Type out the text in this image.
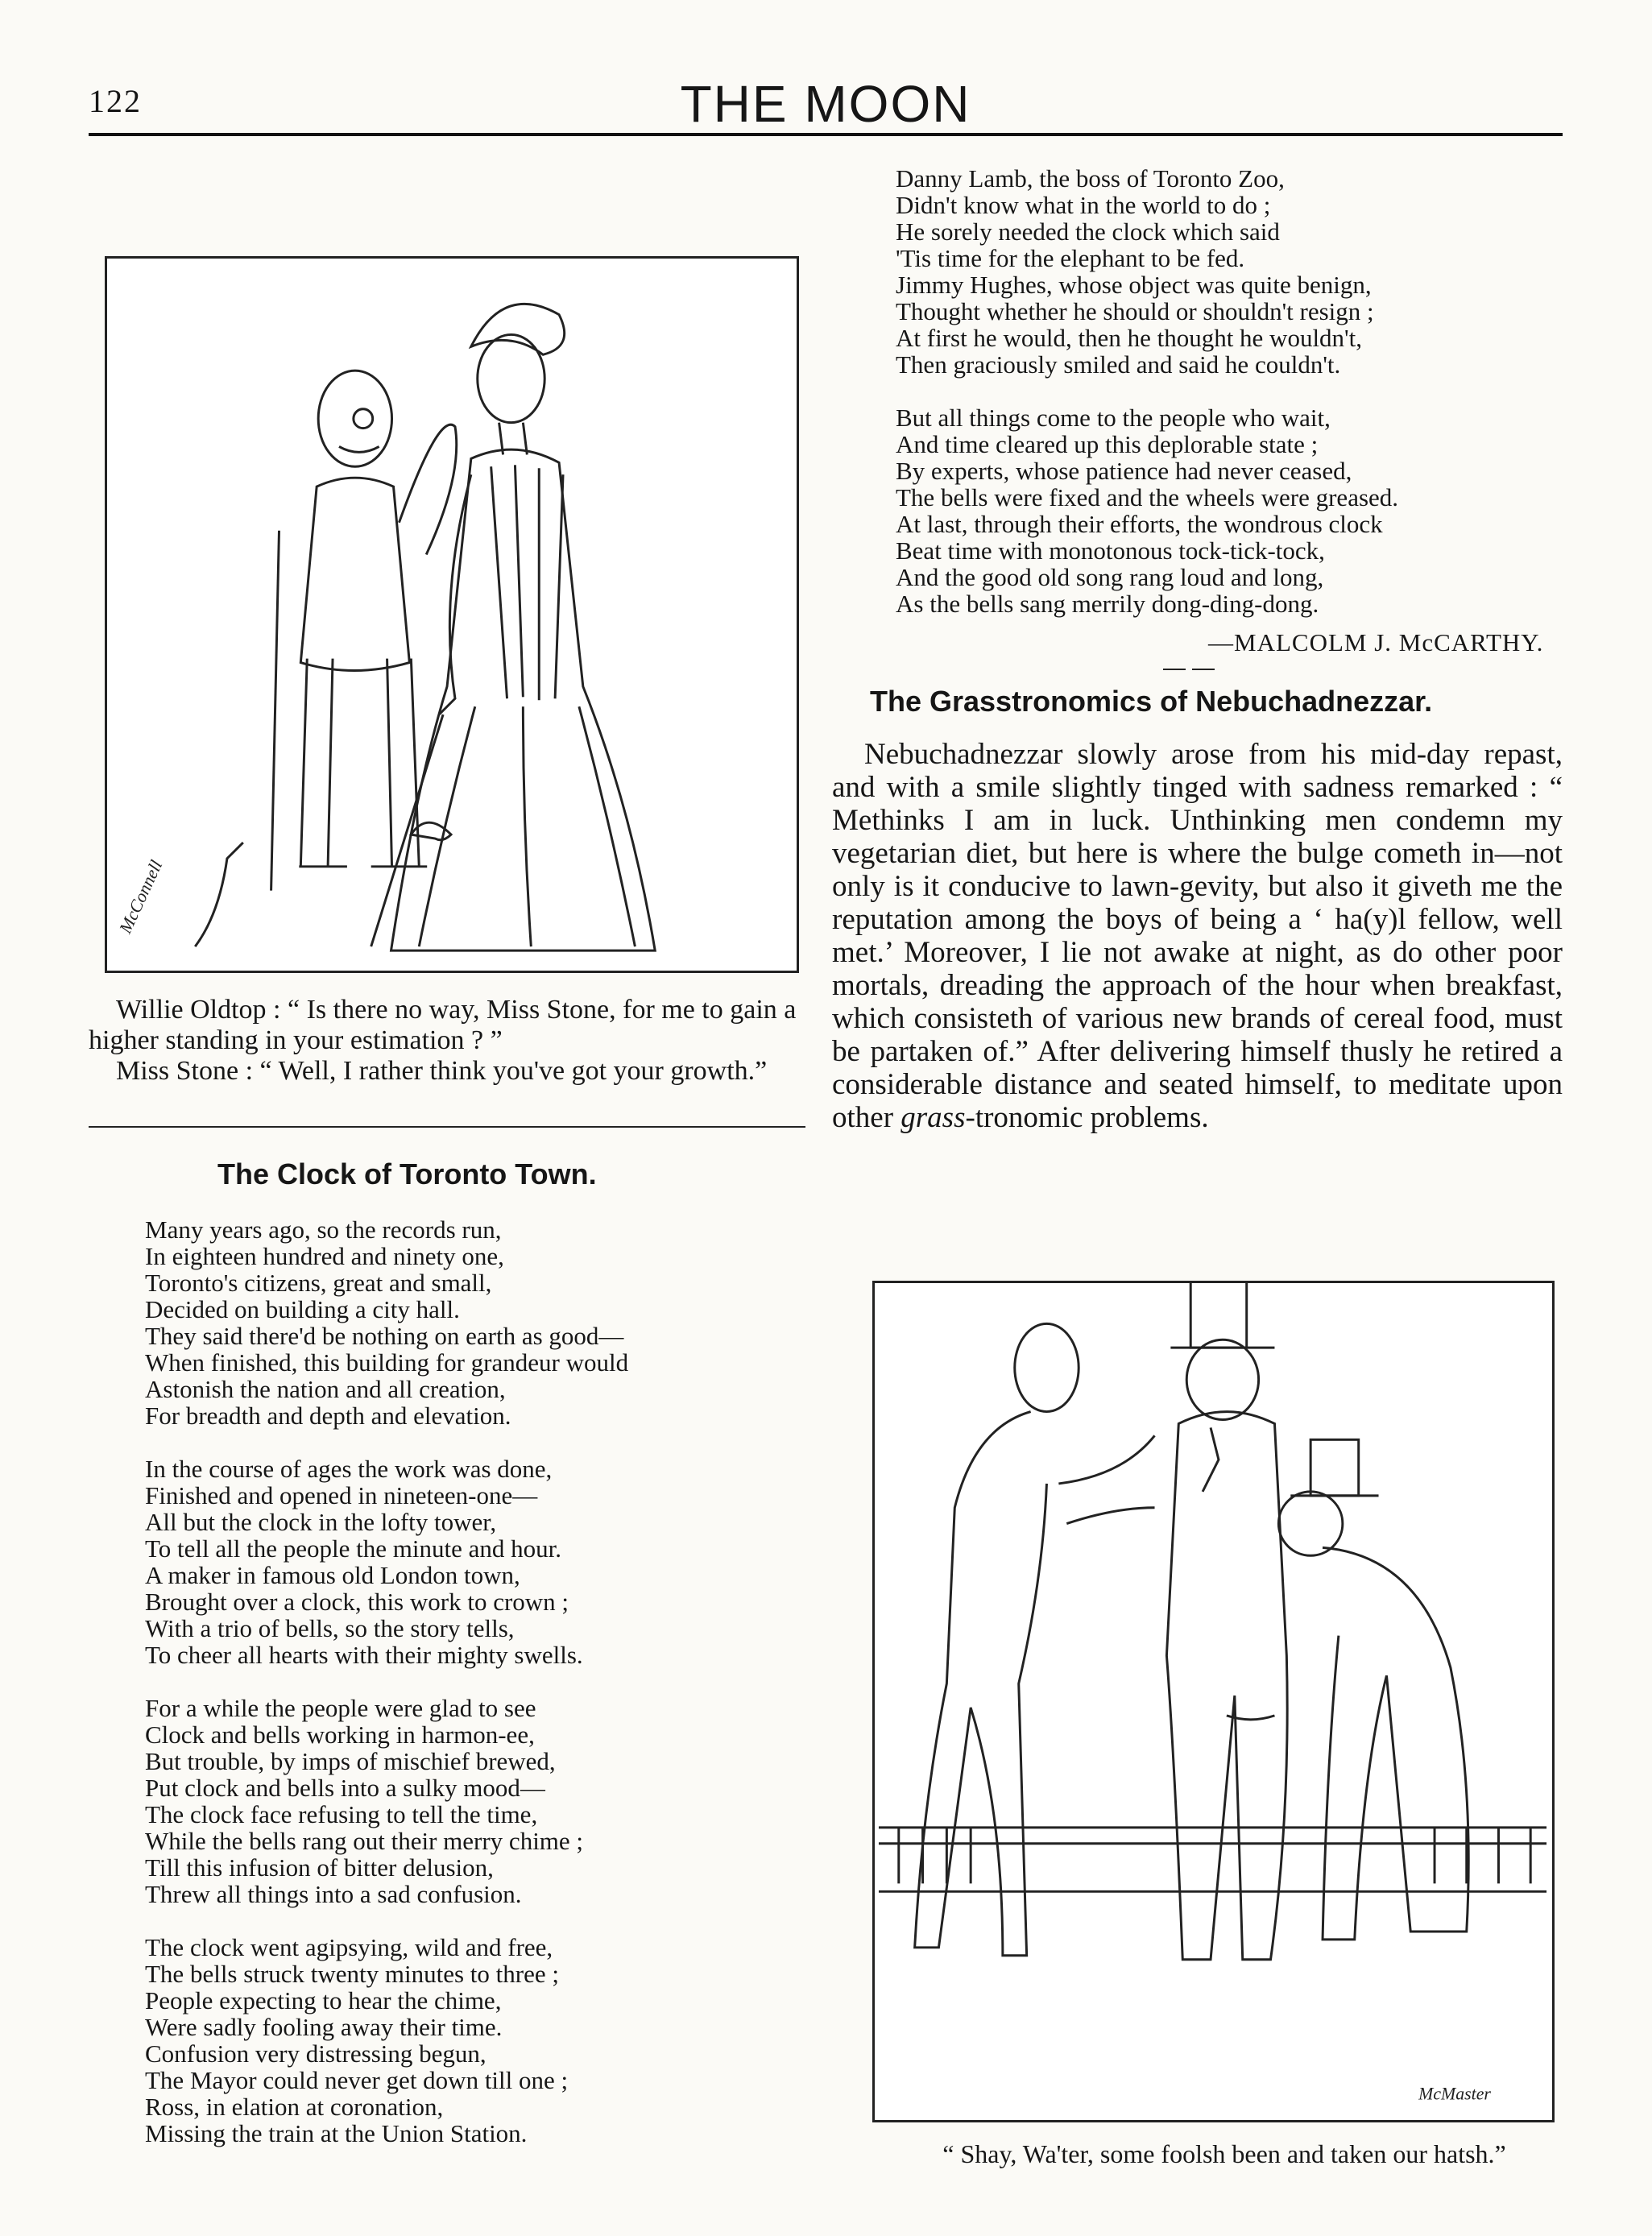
122	THE MOON
McConnell

Willie Oldtop : “ Is there no way, Miss Stone, for me to gain a higher standing in your estimation ? ”

Miss Stone : “ Well, I rather think you've got your growth.”

The Clock of Toronto Town.
Many years ago, so the records run,
In eighteen hundred and ninety one,
Toronto's citizens, great and small,
Decided on building a city hall.
They said there'd be nothing on earth as good—
When finished, this building for grandeur would
Astonish the nation and all creation,
For breadth and depth and elevation.
In the course of ages the work was done,
Finished and opened in nineteen-one—
All but the clock in the lofty tower,
To tell all the people the minute and hour.
A maker in famous old London town,
Brought over a clock, this work to crown ;
With a trio of bells, so the story tells,
To cheer all hearts with their mighty swells.
For a while the people were glad to see
Clock and bells working in harmon-ee,
But trouble, by imps of mischief brewed,
Put clock and bells into a sulky mood—
The clock face refusing to tell the time,
While the bells rang out their merry chime ;
Till this infusion of bitter delusion,
Threw all things into a sad confusion.
The clock went agipsying, wild and free,
The bells struck twenty minutes to three ;
People expecting to hear the chime,
Were sadly fooling away their time.
Confusion very distressing begun,
The Mayor could never get down till one ;
Ross, in elation at coronation,
Missing the train at the Union Station.
Danny Lamb, the boss of Toronto Zoo,
Didn't know what in the world to do ;
He sorely needed the clock which said
'Tis time for the elephant to be fed.
Jimmy Hughes, whose object was quite benign,
Thought whether he should or shouldn't resign ;
At first he would, then he thought he wouldn't,
Then graciously smiled and said he couldn't.
But all things come to the people who wait,
And time cleared up this deplorable state ;
By experts, whose patience had never ceased,
The bells were fixed and the wheels were greased.
At last, through their efforts, the wondrous clock
Beat time with monotonous tock-tick-tock,
And the good old song rang loud and long,
As the bells sang merrily dong-ding-dong.
—MALCOLM J. McCARTHY.
The Grasstronomics of Nebuchadnezzar.

Nebuchadnezzar slowly arose from his mid-day repast, and with a smile slightly tinged with sadness remarked : “ Methinks I am in luck. Unthinking men condemn my vegetarian diet, but here is where the bulge cometh in—not only is it conducive to lawn-gevity, but also it giveth me the reputation among the boys of being a ‘ ha(y)l fellow, well met.’ Moreover, I lie not awake at night, as do other poor mortals, dreading the approach of the hour when breakfast, which consisteth of various new brands of cereal food, must be partaken of.” After delivering himself thusly he retired a considerable distance and seated himself, to meditate upon other grass-tronomic problems.

McMaster
“ Shay, Wa'ter, some foolsh been and taken our hatsh.”
